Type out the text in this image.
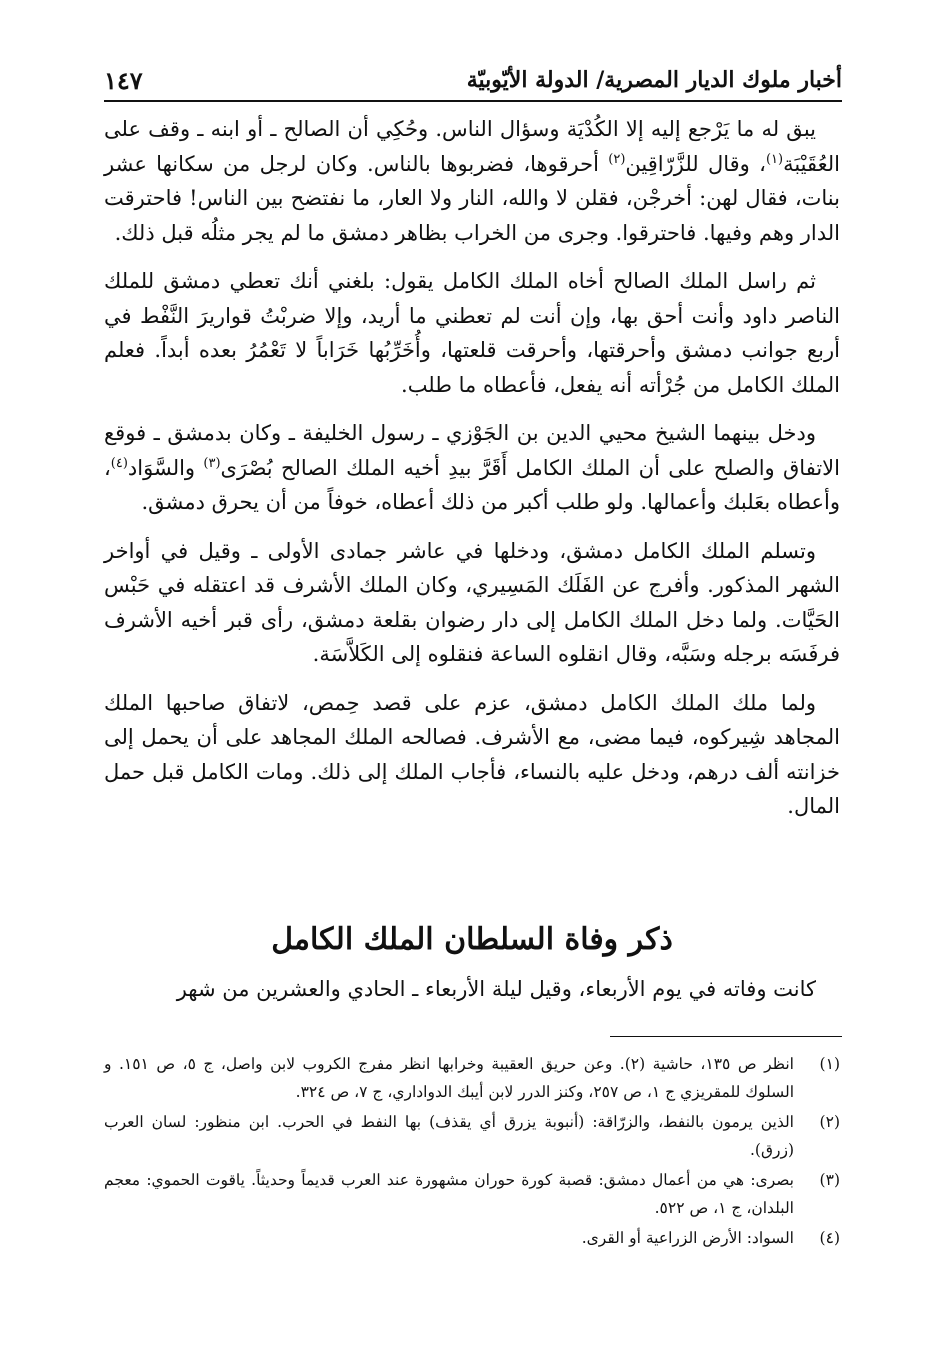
أخبار ملوك الديار المصرية/ الدولة الأيّوبيّة
١٤٧

يبق له ما يَرْجع إليه إلا الكُدْيَة وسؤال الناس. وحُكِي أن الصالح ـ أو ابنه ـ وقف على العُقَيْبَة$^{(١)}$، وقال للزَّرّاقِين$^{(٢)}$ أحرقوها، فضربوها بالناس. وكان لرجل من سكانها عشر بنات، فقال لهن: أخرجْن، فقلن لا والله، النار ولا العار، ما نفتضح بين الناس! فاحترقت الدار وهم وفيها. فاحترقوا. وجرى من الخراب بظاهر دمشق ما لم يجر مثلُه قبل ذلك.

ثم راسل الملك الصالح أخاه الملك الكامل يقول: بلغني أنك تعطي دمشق للملك الناصر داود وأنت أحق بها، وإن أنت لم تعطني ما أريد، وإلا ضربْتُ قواريرَ النَّفْط في أربع جوانب دمشق وأحرقتها، وأحرقت قلعتها، وأُخَرِّبُها خَرَاباً لا تَعْمُرُ بعده أبداً. فعلم الملك الكامل من جُرْأته أنه يفعل، فأعطاه ما طلب.

ودخل بينهما الشيخ محيي الدين بن الجَوْزي ـ رسول الخليفة ـ وكان بدمشق ـ فوقع الاتفاق والصلح على أن الملك الكامل أَقَرَّ بيدِ أخيه الملك الصالح بُصْرَى$^{(٣)}$ والسَّوَاد$^{(٤)}$، وأعطاه بعَلبك وأعمالها. ولو طلب أكبر من ذلك أعطاه، خوفاً من أن يحرق دمشق.

وتسلم الملك الكامل دمشق، ودخلها في عاشر جمادى الأولى ـ وقيل في أواخر الشهر المذكور. وأفرج عن الفَلَك المَسِيري، وكان الملك الأشرف قد اعتقله في حَبْس الحَيَّات. ولما دخل الملك الكامل إلى دار رضوان بقلعة دمشق، رأى قبر أخيه الأشرف فرفَسَه برجله وسَبَّه، وقال انقلوه الساعة فنقلوه إلى الكَلاَّسَة.

ولما ملك الملك الكامل دمشق، عزم على قصد حِمص، لاتفاق صاحبها الملك المجاهد شِيركوه، فيما مضى، مع الأشرف. فصالحه الملك المجاهد على أن يحمل إلى خزانته ألف درهم، ودخل عليه بالنساء، فأجاب الملك إلى ذلك. ومات الكامل قبل حمل المال.

ذكر وفاة السلطان الملك الكامل
كانت وفاته في يوم الأربعاء، وقيل ليلة الأربعاء ـ الحادي والعشرين من شهر
(١)
انظر ص ١٣٥، حاشية (٢). وعن حريق العقيبة وخرابها انظر مفرج الكروب لابن واصل، ج ٥، ص ١٥١. و السلوك للمقريزي ج ١، ص ٢٥٧، وكنز الدرر لابن أيبك الدواداري، ج ٧، ص ٣٢٤.
(٢)
الذين يرمون بالنفط، والزرّاقة: (أنبوبة يزرق أي يقذف) بها النفط في الحرب. ابن منظور: لسان العرب (زرق).
(٣)
بصرى: هي من أعمال دمشق: قصبة كورة حوران مشهورة عند العرب قديماً وحديثاً. ياقوت الحموي: معجم البلدان، ج ١، ص ٥٢٢.
(٤)
السواد: الأرض الزراعية أو القرى.
